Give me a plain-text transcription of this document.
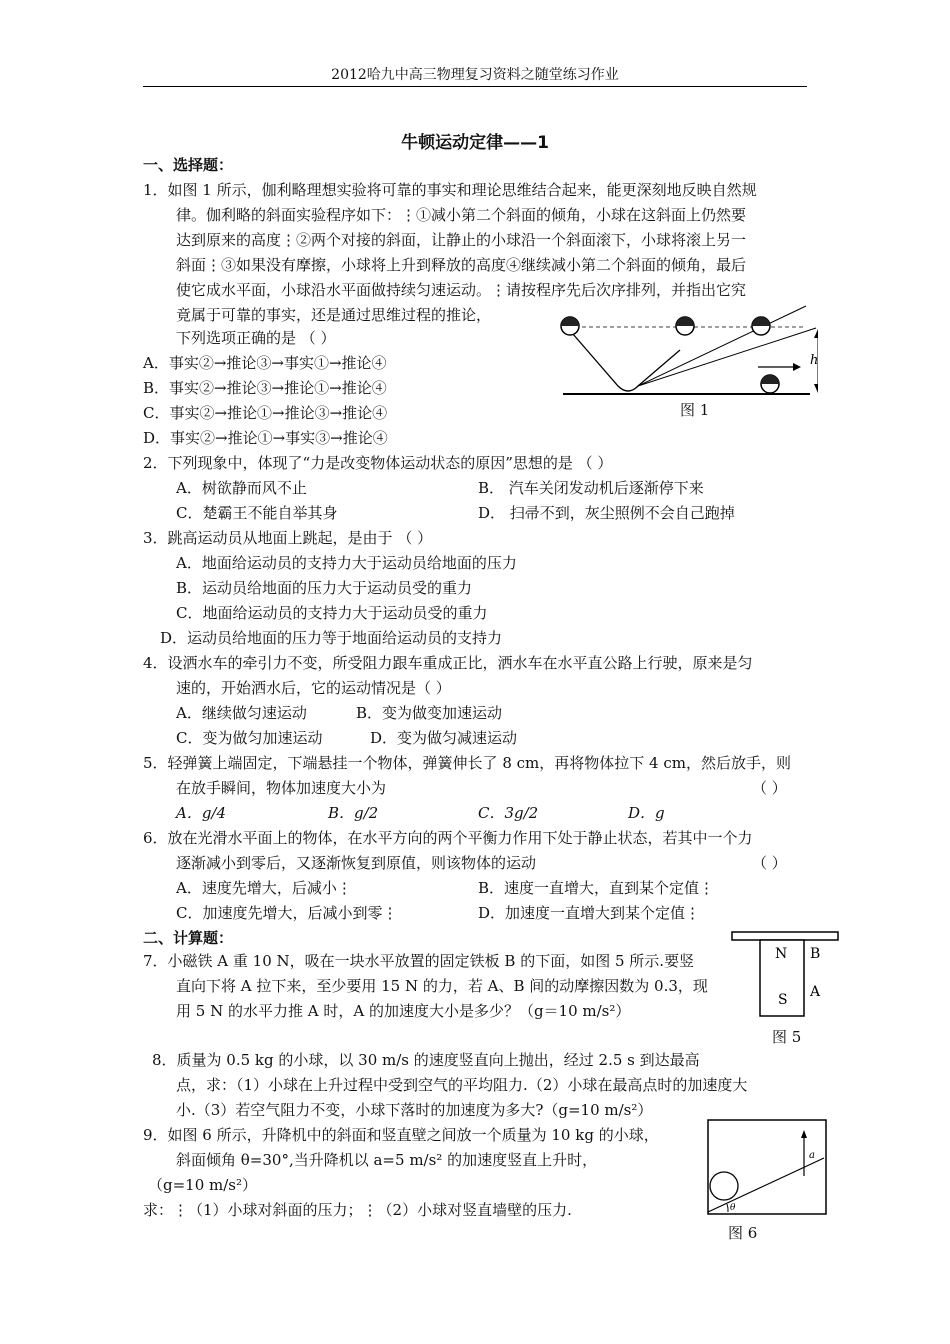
2012哈九中高三物理复习资料之随堂练习作业
牛顿运动定律——1
一、选择题：
1．如图 1 所示，伽利略理想实验将可靠的事实和理论思维结合起来，能更深刻地反映自然规
律。伽利略的斜面实验程序如下：⋮①减小第二个斜面的倾角，小球在这斜面上仍然要
达到原来的高度⋮②两个对接的斜面，让静止的小球沿一个斜面滚下，小球将滚上另一
斜面⋮③如果没有摩擦，小球将上升到释放的高度④继续减小第二个斜面的倾角，最后
使它成水平面，小球沿水平面做持续匀速运动。⋮请按程序先后次序排列，并指出它究
竟属于可靠的事实，还是通过思维过程的推论，
下列选项正确的是 （ ）
A．事实②→推论③→事实①→推论④
B．事实②→推论③→推论①→推论④
C．事实②→推论①→推论③→推论④
D．事实②→推论①→事实③→推论④
h
图 1
2．下列现象中，体现了“力是改变物体运动状态的原因”思想的是 （ ）
A．树欲静而风不止	B． 汽车关闭发动机后逐渐停下来
C．楚霸王不能自举其身	D． 扫帚不到，灰尘照例不会自己跑掉
3．跳高运动员从地面上跳起，是由于 （ ）
A．地面给运动员的支持力大于运动员给地面的压力
B．运动员给地面的压力大于运动员受的重力
C．地面给运动员的支持力大于运动员受的重力
D．运动员给地面的压力等于地面给运动员的支持力
4．设洒水车的牵引力不变，所受阻力跟车重成正比，洒水车在水平直公路上行驶，原来是匀
速的，开始洒水后，它的运动情况是（ ）
A．继续做匀速运动	B．变为做变加速运动
C．变为做匀加速运动	D．变为做匀减速运动
5．轻弹簧上端固定，下端悬挂一个物体，弹簧伸长了 8 cm，再将物体拉下 4 cm，然后放手，则
在放手瞬间，物体加速度大小为	（ ）
A．g/4	B．g/2	C．3g/2	D．g
6．放在光滑水平面上的物体，在水平方向的两个平衡力作用下处于静止状态，若其中一个力
逐渐减小到零后，又逐渐恢复到原值，则该物体的运动	（ ）
A．速度先增大，后减小⋮	B．速度一直增大，直到某个定值⋮
C．加速度先增大，后减小到零⋮	D．加速度一直增大到某个定值⋮
二、计算题：
7．小磁铁 A 重 10 N，吸在一块水平放置的固定铁板 B 的下面，如图 5 所示.要竖
直向下将 A 拉下来，至少要用 15 N 的力，若 A、B 间的动摩擦因数为 0.3，现
用 5 N 的水平力推 A 时，A 的加速度大小是多少？（g＝10 m/s²）
N
S
B
A
图 5
8．质量为 0.5 kg 的小球，以 30 m/s 的速度竖直向上抛出，经过 2.5 s 到达最高
点，求：（1）小球在上升过程中受到空气的平均阻力.（2）小球在最高点时的加速度大
小.（3）若空气阻力不变，小球下落时的加速度为多大?（g=10 m/s²）
9．如图 6 所示，升降机中的斜面和竖直壁之间放一个质量为 10 kg 的小球，
斜面倾角 θ=30°,当升降机以 a=5 m/s² 的加速度竖直上升时，
（g=10 m/s²）
求：⋮（1）小球对斜面的压力；⋮（2）小球对竖直墙壁的压力.
a
θ
图 6
